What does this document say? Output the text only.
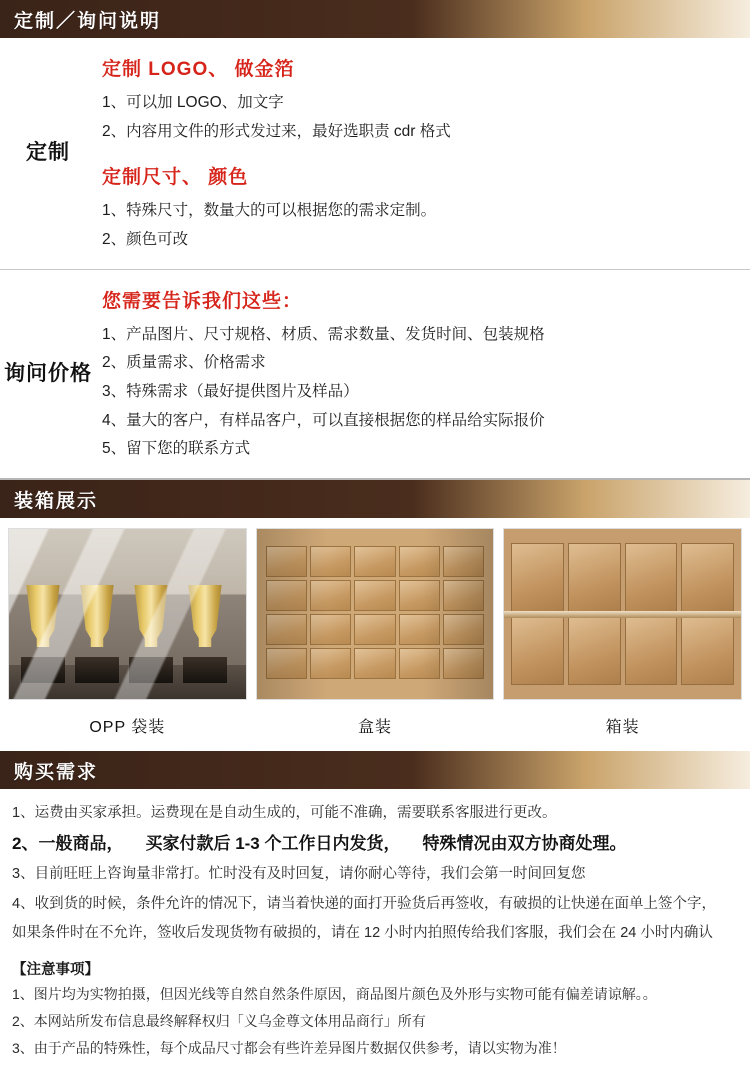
定制／询问说明
定制
定制 LOGO、 做金箔
1、可以加 LOGO、加文字
2、内容用文件的形式发过来，最好选职责 cdr 格式
定制尺寸、 颜色
1、特殊尺寸，数量大的可以根据您的需求定制。
2、颜色可改
询问价格
您需要告诉我们这些：
1、产品图片、尺寸规格、材质、需求数量、发货时间、包装规格
2、质量需求、价格需求
3、特殊需求（最好提供图片及样品）
4、量大的客户，有样品客户，可以直接根据您的样品给实际报价
5、留下您的联系方式
装箱展示
OPP 袋装	盒装	箱装
购买需求
1、运费由买家承担。运费现在是自动生成的，可能不准确，需要联系客服进行更改。
2、一般商品， 买家付款后 1-3 个工作日内发货， 特殊情况由双方协商处理。
3、目前旺旺上咨询量非常打。忙时没有及时回复，请你耐心等待，我们会第一时间回复您
4、收到货的时候，条件允许的情况下，请当着快递的面打开验货后再签收，有破损的让快递在面单上签个字，
如果条件时在不允许，签收后发现货物有破损的，请在 12 小时内拍照传给我们客服，我们会在 24 小时内确认
【注意事项】
1、图片均为实物拍摄，但因光线等自然自然条件原因，商品图片颜色及外形与实物可能有偏差请谅解。。
2、本网站所发布信息最终解释权归「义乌金尊文体用品商行」所有
3、由于产品的特殊性，每个成品尺寸都会有些许差异图片数据仅供参考，请以实物为准！
